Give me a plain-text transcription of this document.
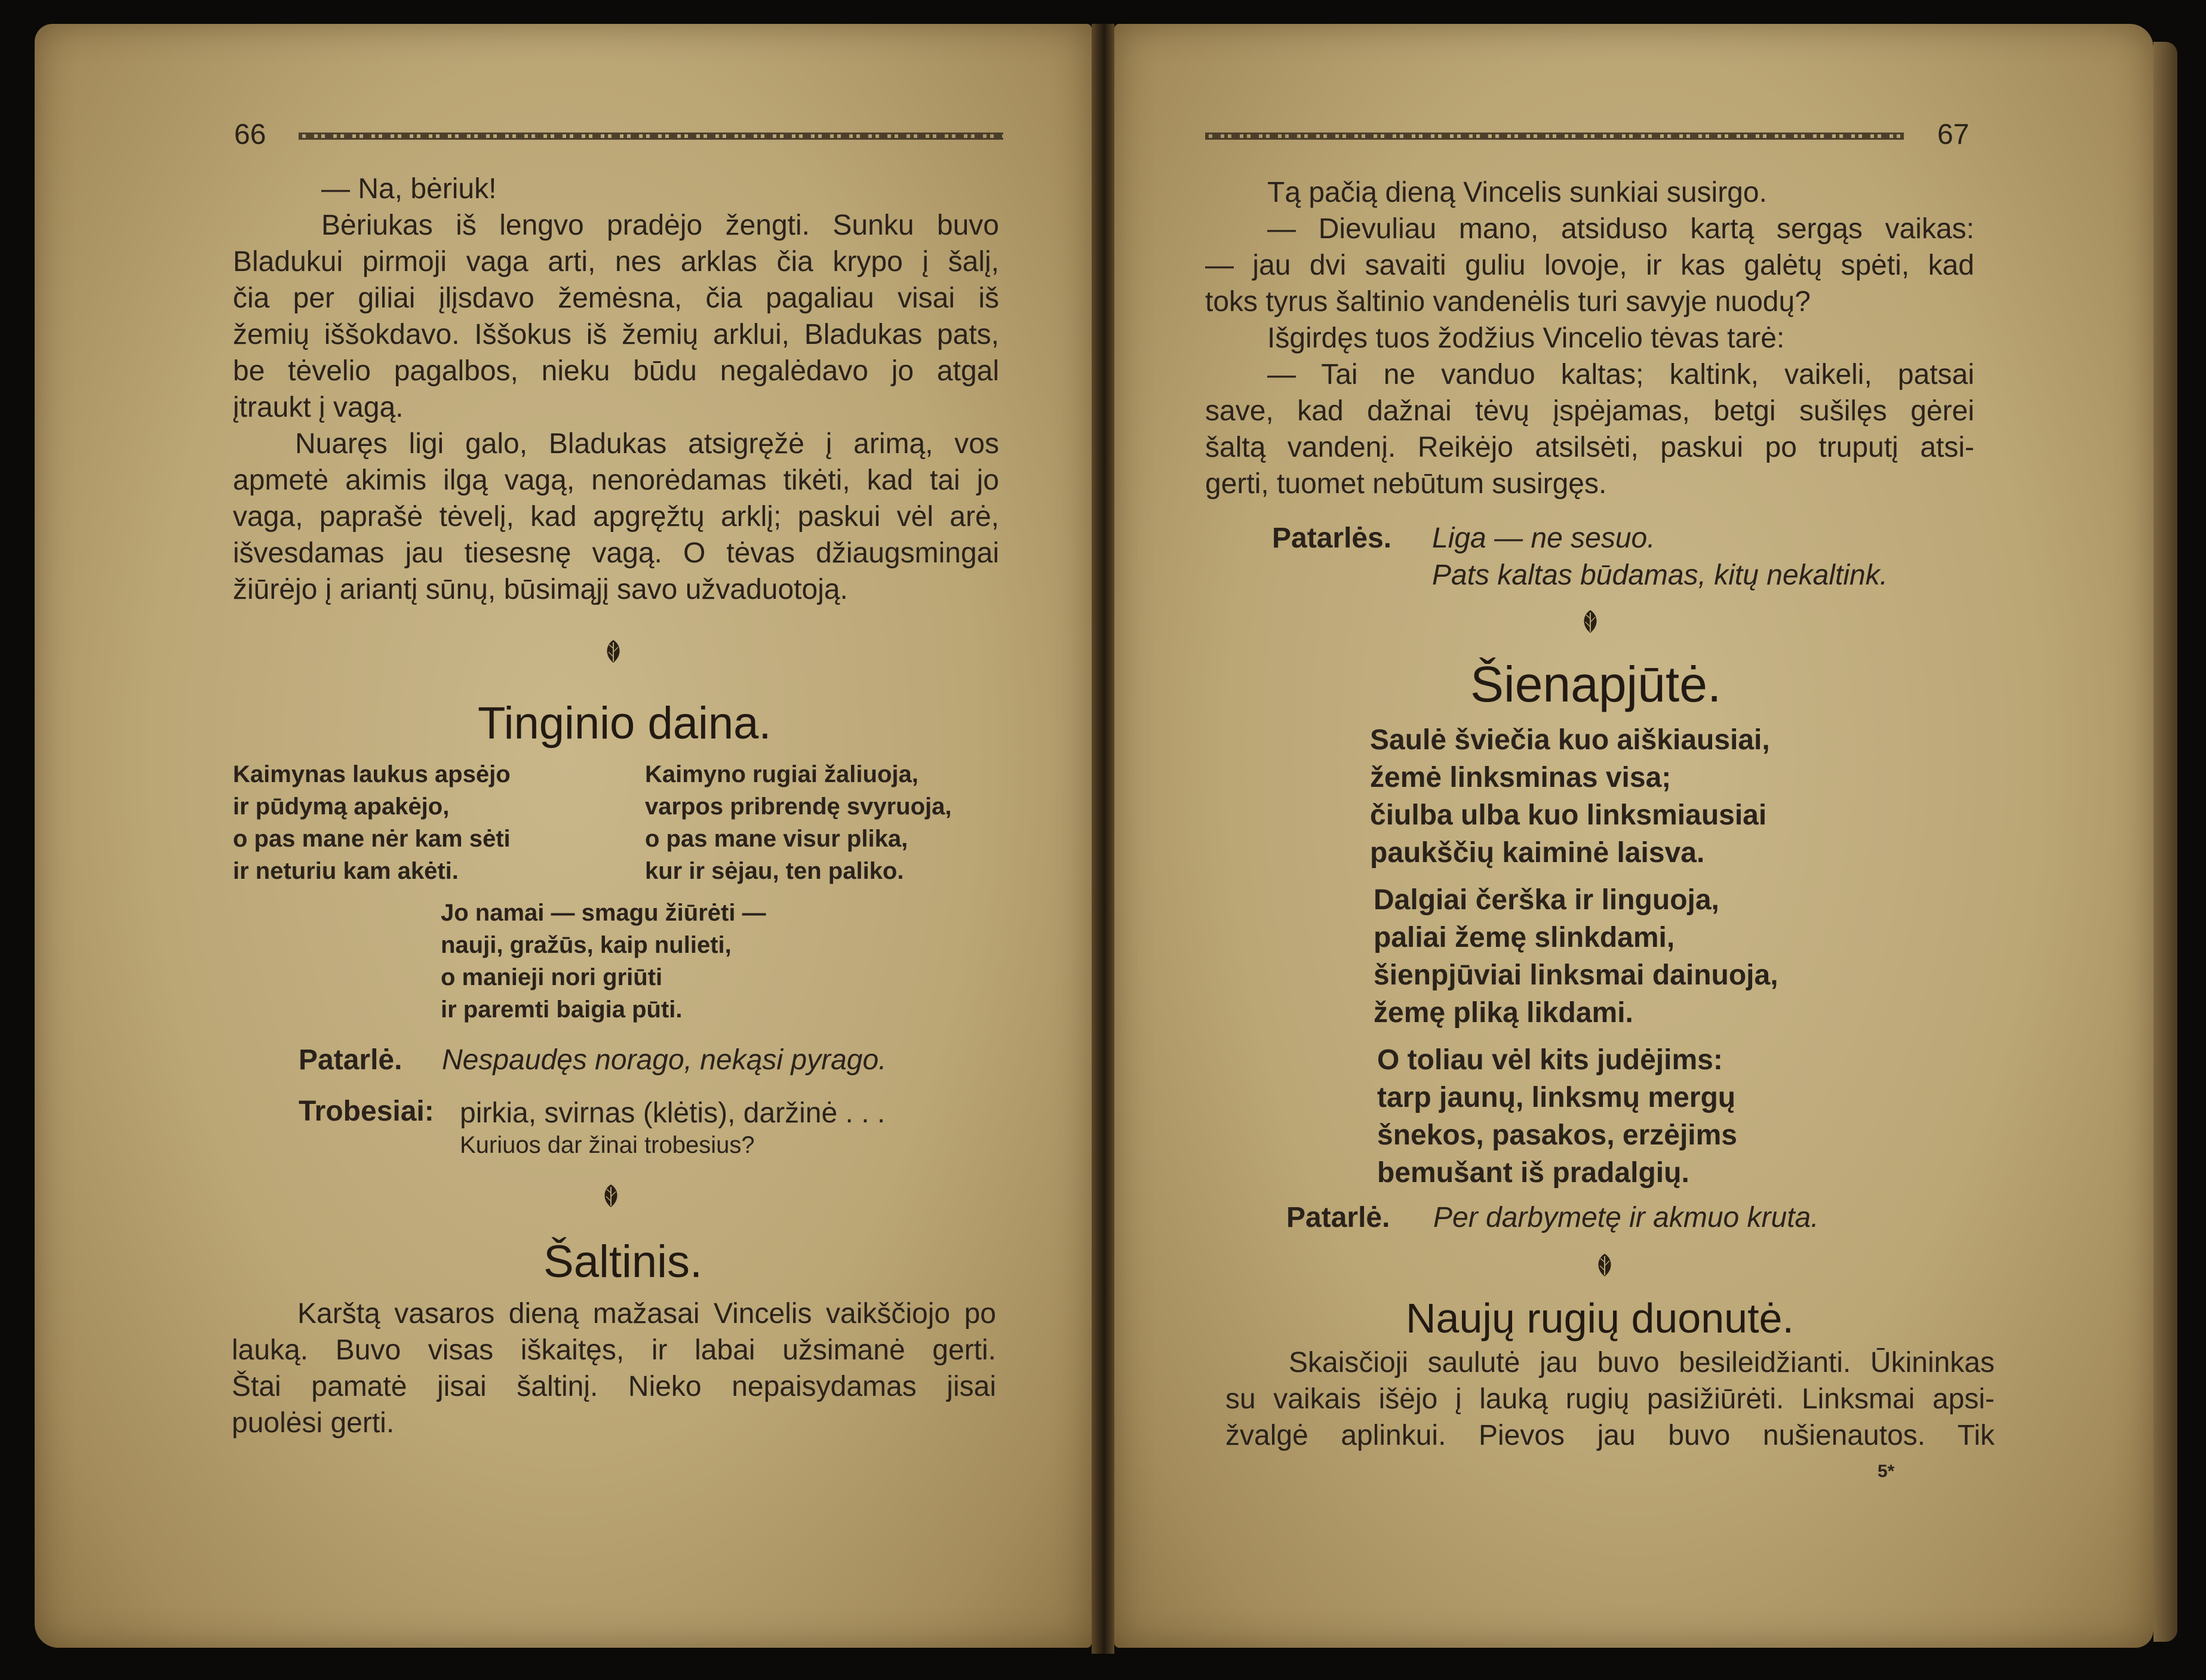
66
— Na, bėriuk!
Bėriukas iš lengvo pradėjo žengti. Sunku buvo
Bladukui pirmoji vaga arti, nes arklas čia krypo į šalį,
čia per giliai įlįsdavo žemėsna, čia pagaliau visai iš
žemių iššokdavo. Iššokus iš žemių arklui, Bladukas pats,
be tėvelio pagalbos, nieku būdu negalėdavo jo atgal
įtraukt į vagą.
Nuaręs ligi galo, Bladukas atsigręžė į arimą, vos
apmetė akimis ilgą vagą, nenorėdamas tikėti, kad tai jo
vaga, paprašė tėvelį, kad apgręžtų arklį; paskui vėl arė,
išvesdamas jau tiesesnę vagą. O tėvas džiaugsmingai
žiūrėjo į ariantį sūnų, būsimąjį savo užvaduotoją.
Tinginio daina.
Kaimynas laukus apsėjo
ir pūdymą apakėjo,
o pas mane nėr kam sėti
ir neturiu kam akėti.
Kaimyno rugiai žaliuoja,
varpos pribrendę svyruoja,
o pas mane visur plika,
kur ir sėjau, ten paliko.
Jo namai — smagu žiūrėti —
nauji, gražūs, kaip nulieti,
o manieji nori griūti
ir paremti baigia pūti.
Patarlė. Nespaudęs norago, nekąsi pyrago.
Trobesiai: pirkia, svirnas (klėtis), daržinė . . .
Kuriuos dar žinai trobesius?
Šaltinis.
Karštą vasaros dieną mažasai Vincelis vaikščiojo po
lauką. Buvo visas iškaitęs, ir labai užsimanė gerti.
Štai pamatė jisai šaltinį. Nieko nepaisydamas jisai
puolėsi gerti.
67
Tą pačią dieną Vincelis sunkiai susirgo.
— Dievuliau mano, atsiduso kartą sergąs vaikas:
— jau dvi savaiti guliu lovoje, ir kas galėtų spėti, kad
toks tyrus šaltinio vandenėlis turi savyje nuodų?
Išgirdęs tuos žodžius Vincelio tėvas tarė:
— Tai ne vanduo kaltas; kaltink, vaikeli, patsai
save, kad dažnai tėvų įspėjamas, betgi sušilęs gėrei
šaltą vandenį. Reikėjo atsilsėti, paskui po truputį atsi-
gerti, tuomet nebūtum susirgęs.
Patarlės. Liga — ne sesuo.
Pats kaltas būdamas, kitų nekaltink.
Šienapjūtė.
Saulė šviečia kuo aiškiausiai,
žemė linksminas visa;
čiulba ulba kuo linksmiausiai
paukščių kaiminė laisva.
Dalgiai čerška ir linguoja,
paliai žemę slinkdami,
šienpjūviai linksmai dainuoja,
žemę pliką likdami.
O toliau vėl kits judėjims:
tarp jaunų, linksmų mergų
šnekos, pasakos, erzėjims
bemušant iš pradalgių.
Patarlė. Per darbymetę ir akmuo kruta.
Naujų rugių duonutė.
Skaisčioji saulutė jau buvo besileidžianti. Ūkininkas
su vaikais išėjo į lauką rugių pasižiūrėti. Linksmai apsi-
žvalgė aplinkui. Pievos jau buvo nušienautos. Tik
5*
